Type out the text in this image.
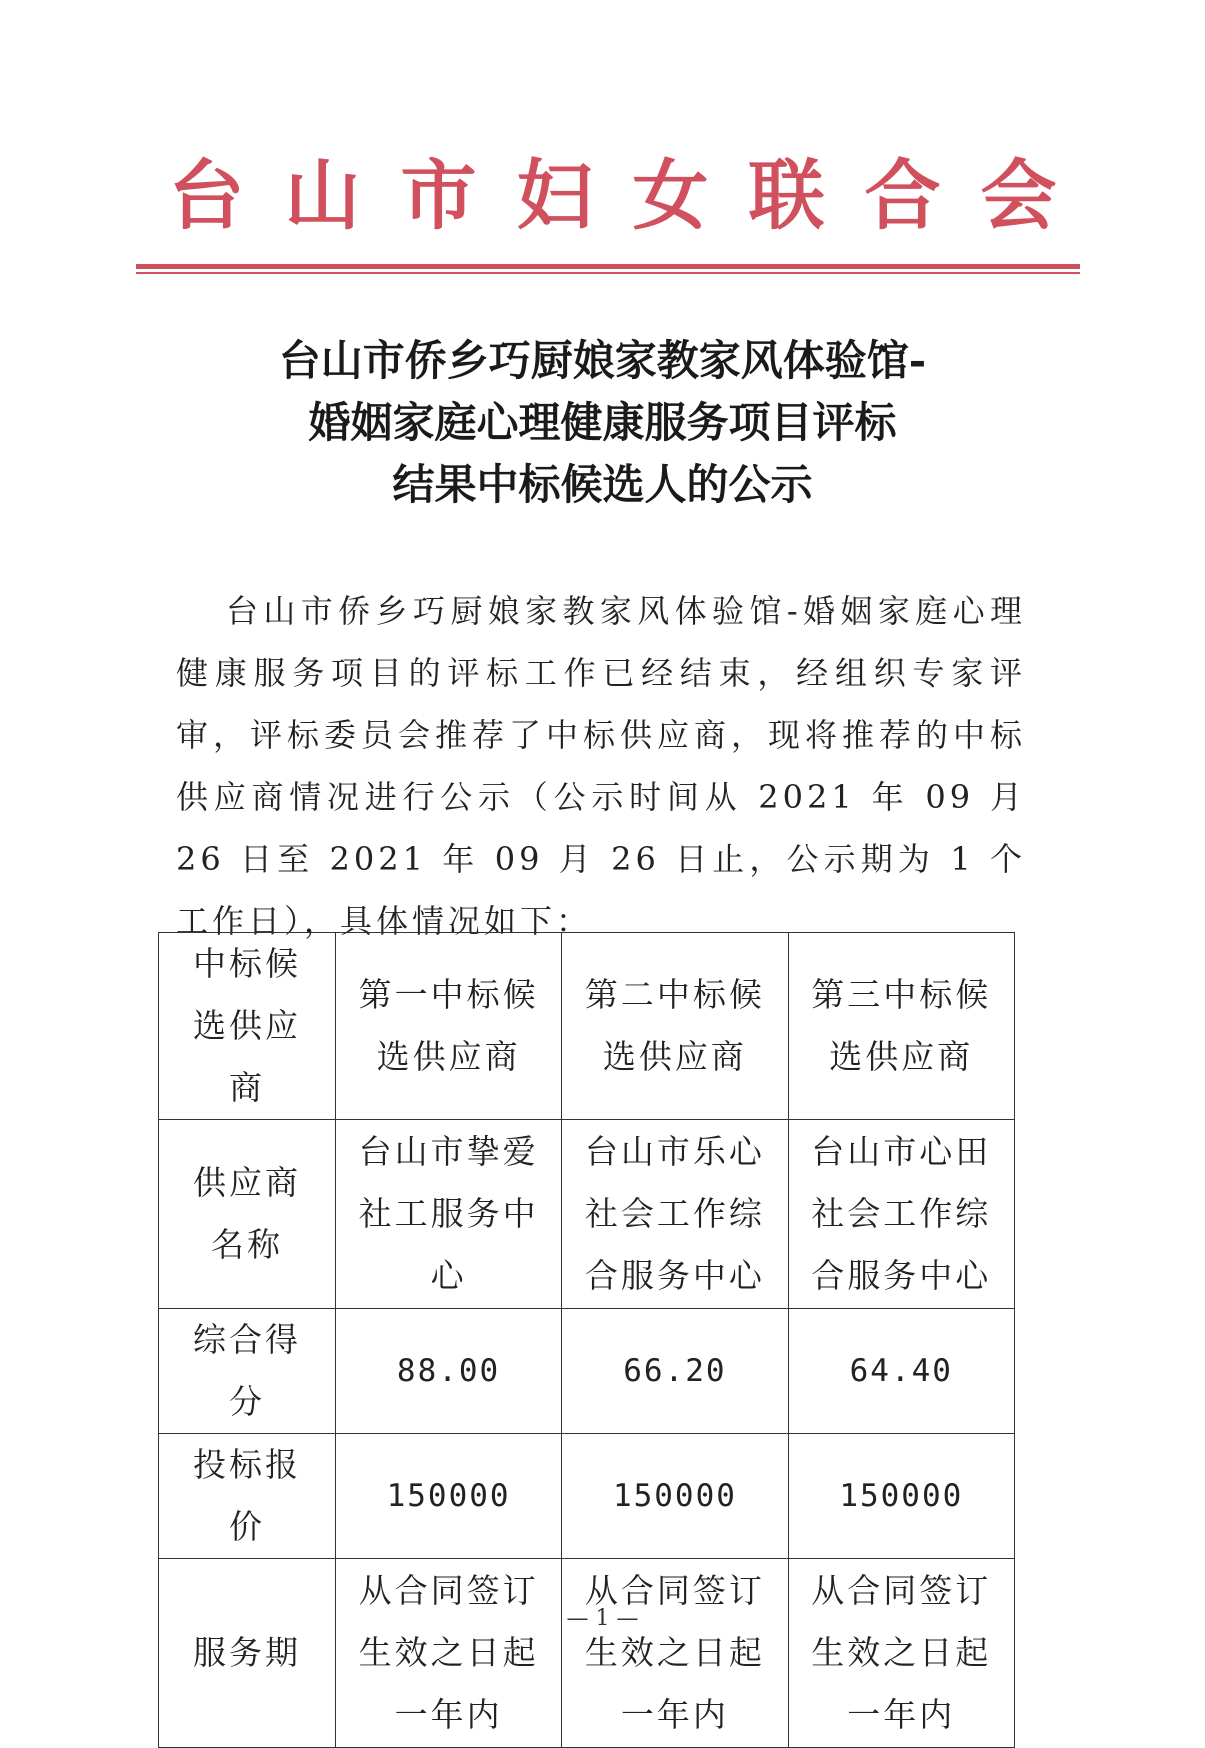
台山市妇女联合会
台山市侨乡巧厨娘家教家风体验馆-
婚姻家庭心理健康服务项目评标
结果中标候选人的公示
台山市侨乡巧厨娘家教家风体验馆-婚姻家庭心理健康服务项目的评标工作已经结束，经组织专家评审，评标委员会推荐了中标供应商，现将推荐的中标供应商情况进行公示（公示时间从 2021 年 09 月 26 日至 2021 年 09 月 26 日止，公示期为 1 个工作日），具体情况如下：
中标候选供应商	第一中标候选供应商	第二中标候选供应商	第三中标候选供应商
供应商名称	台山市挚爱社工服务中心	台山市乐心社会工作综合服务中心	台山市心田社会工作综合服务中心
综合得分	88.00	66.20	64.40
投标报价	150000	150000	150000
服务期	从合同签订生效之日起一年内	从合同签订生效之日起一年内	从合同签订生效之日起一年内
— 1 —
